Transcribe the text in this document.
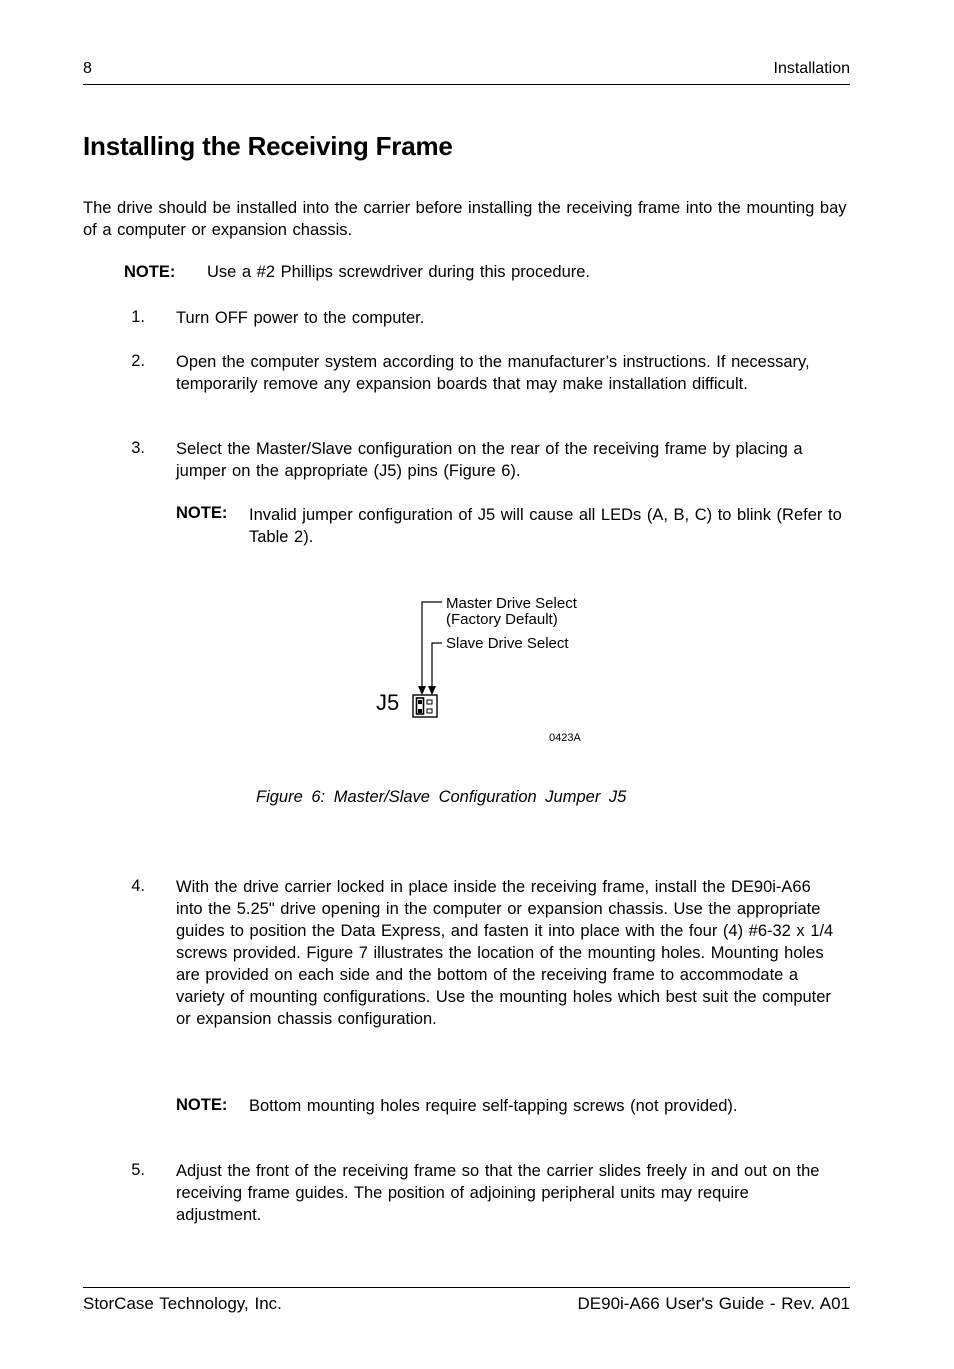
8	Installation
Installing the Receiving Frame
The drive should be installed into the carrier before installing the receiving frame into the mounting bay of a computer or expansion chassis.
NOTE: Use a #2 Phillips screwdriver during this procedure.
1. Turn OFF power to the computer.
2. Open the computer system according to the manufacturer’s instructions. If necessary, temporarily remove any expansion boards that may make installation difficult.
3. Select the Master/Slave configuration on the rear of the receiving frame by placing a jumper on the appropriate (J5) pins (Figure 6).
NOTE: Invalid jumper configuration of J5 will cause all LEDs (A, B, C) to blink (Refer to Table 2).
Master Drive Select
(Factory Default)
Slave Drive Select
J5
0423A
Figure 6: Master/Slave Configuration Jumper J5
4. With the drive carrier locked in place inside the receiving frame, install the DE90i-A66 into the 5.25" drive opening in the computer or expansion chassis. Use the appropriate guides to position the Data Express, and fasten it into place with the four (4) #6-32 x 1/4 screws provided. Figure 7 illustrates the location of the mounting holes. Mounting holes are provided on each side and the bottom of the receiving frame to accommodate a variety of mounting configurations. Use the mounting holes which best suit the computer or expansion chassis configuration.
NOTE: Bottom mounting holes require self-tapping screws (not provided).
5. Adjust the front of the receiving frame so that the carrier slides freely in and out on the receiving frame guides. The position of adjoining peripheral units may require adjustment.
StorCase Technology, Inc.	DE90i-A66 User's Guide - Rev. A01
